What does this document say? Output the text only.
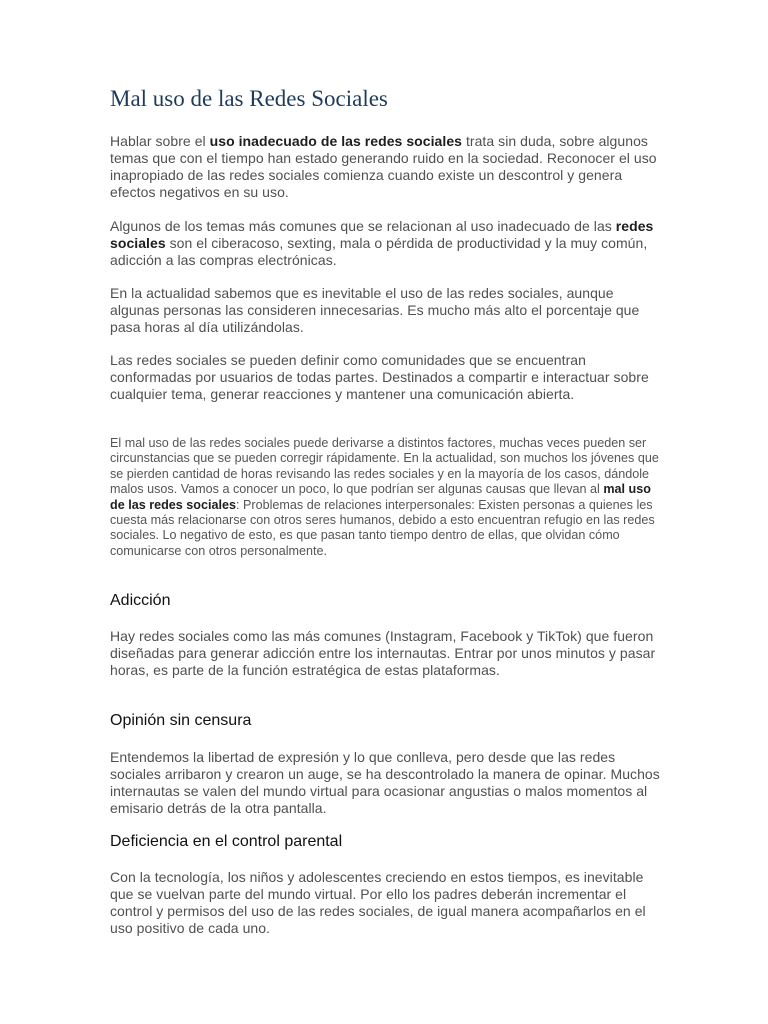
Mal uso de las Redes Sociales

Hablar sobre el uso inadecuado de las redes sociales trata sin duda, sobre algunos temas que con el tiempo han estado generando ruido en la sociedad. Reconocer el uso inapropiado de las redes sociales comienza cuando existe un descontrol y genera efectos negativos en su uso.

Algunos de los temas más comunes que se relacionan al uso inadecuado de las redes sociales son el ciberacoso, sexting, mala o pérdida de productividad y la muy común, adicción a las compras electrónicas.

En la actualidad sabemos que es inevitable el uso de las redes sociales, aunque algunas personas las consideren innecesarias. Es mucho más alto el porcentaje que pasa horas al día utilizándolas.

Las redes sociales se pueden definir como comunidades que se encuentran conformadas por usuarios de todas partes. Destinados a compartir e interactuar sobre cualquier tema, generar reacciones y mantener una comunicación abierta.

El mal uso de las redes sociales puede derivarse a distintos factores, muchas veces pueden ser circunstancias que se pueden corregir rápidamente. En la actualidad, son muchos los jóvenes que se pierden cantidad de horas revisando las redes sociales y en la mayoría de los casos, dándole malos usos. Vamos a conocer un poco, lo que podrían ser algunas causas que llevan al mal uso de las redes sociales: Problemas de relaciones interpersonales: Existen personas a quienes les cuesta más relacionarse con otros seres humanos, debido a esto encuentran refugio en las redes sociales. Lo negativo de esto, es que pasan tanto tiempo dentro de ellas, que olvidan cómo comunicarse con otros personalmente.

Adicción

Hay redes sociales como las más comunes (Instagram, Facebook y TikTok) que fueron diseñadas para generar adicción entre los internautas. Entrar por unos minutos y pasar horas, es parte de la función estratégica de estas plataformas.

Opinión sin censura

Entendemos la libertad de expresión y lo que conlleva, pero desde que las redes sociales arribaron y crearon un auge, se ha descontrolado la manera de opinar. Muchos internautas se valen del mundo virtual para ocasionar angustias o malos momentos al emisario detrás de la otra pantalla.

Deficiencia en el control parental

Con la tecnología, los niños y adolescentes creciendo en estos tiempos, es inevitable que se vuelvan parte del mundo virtual. Por ello los padres deberán incrementar el control y permisos del uso de las redes sociales, de igual manera acompañarlos en el uso positivo de cada uno.
